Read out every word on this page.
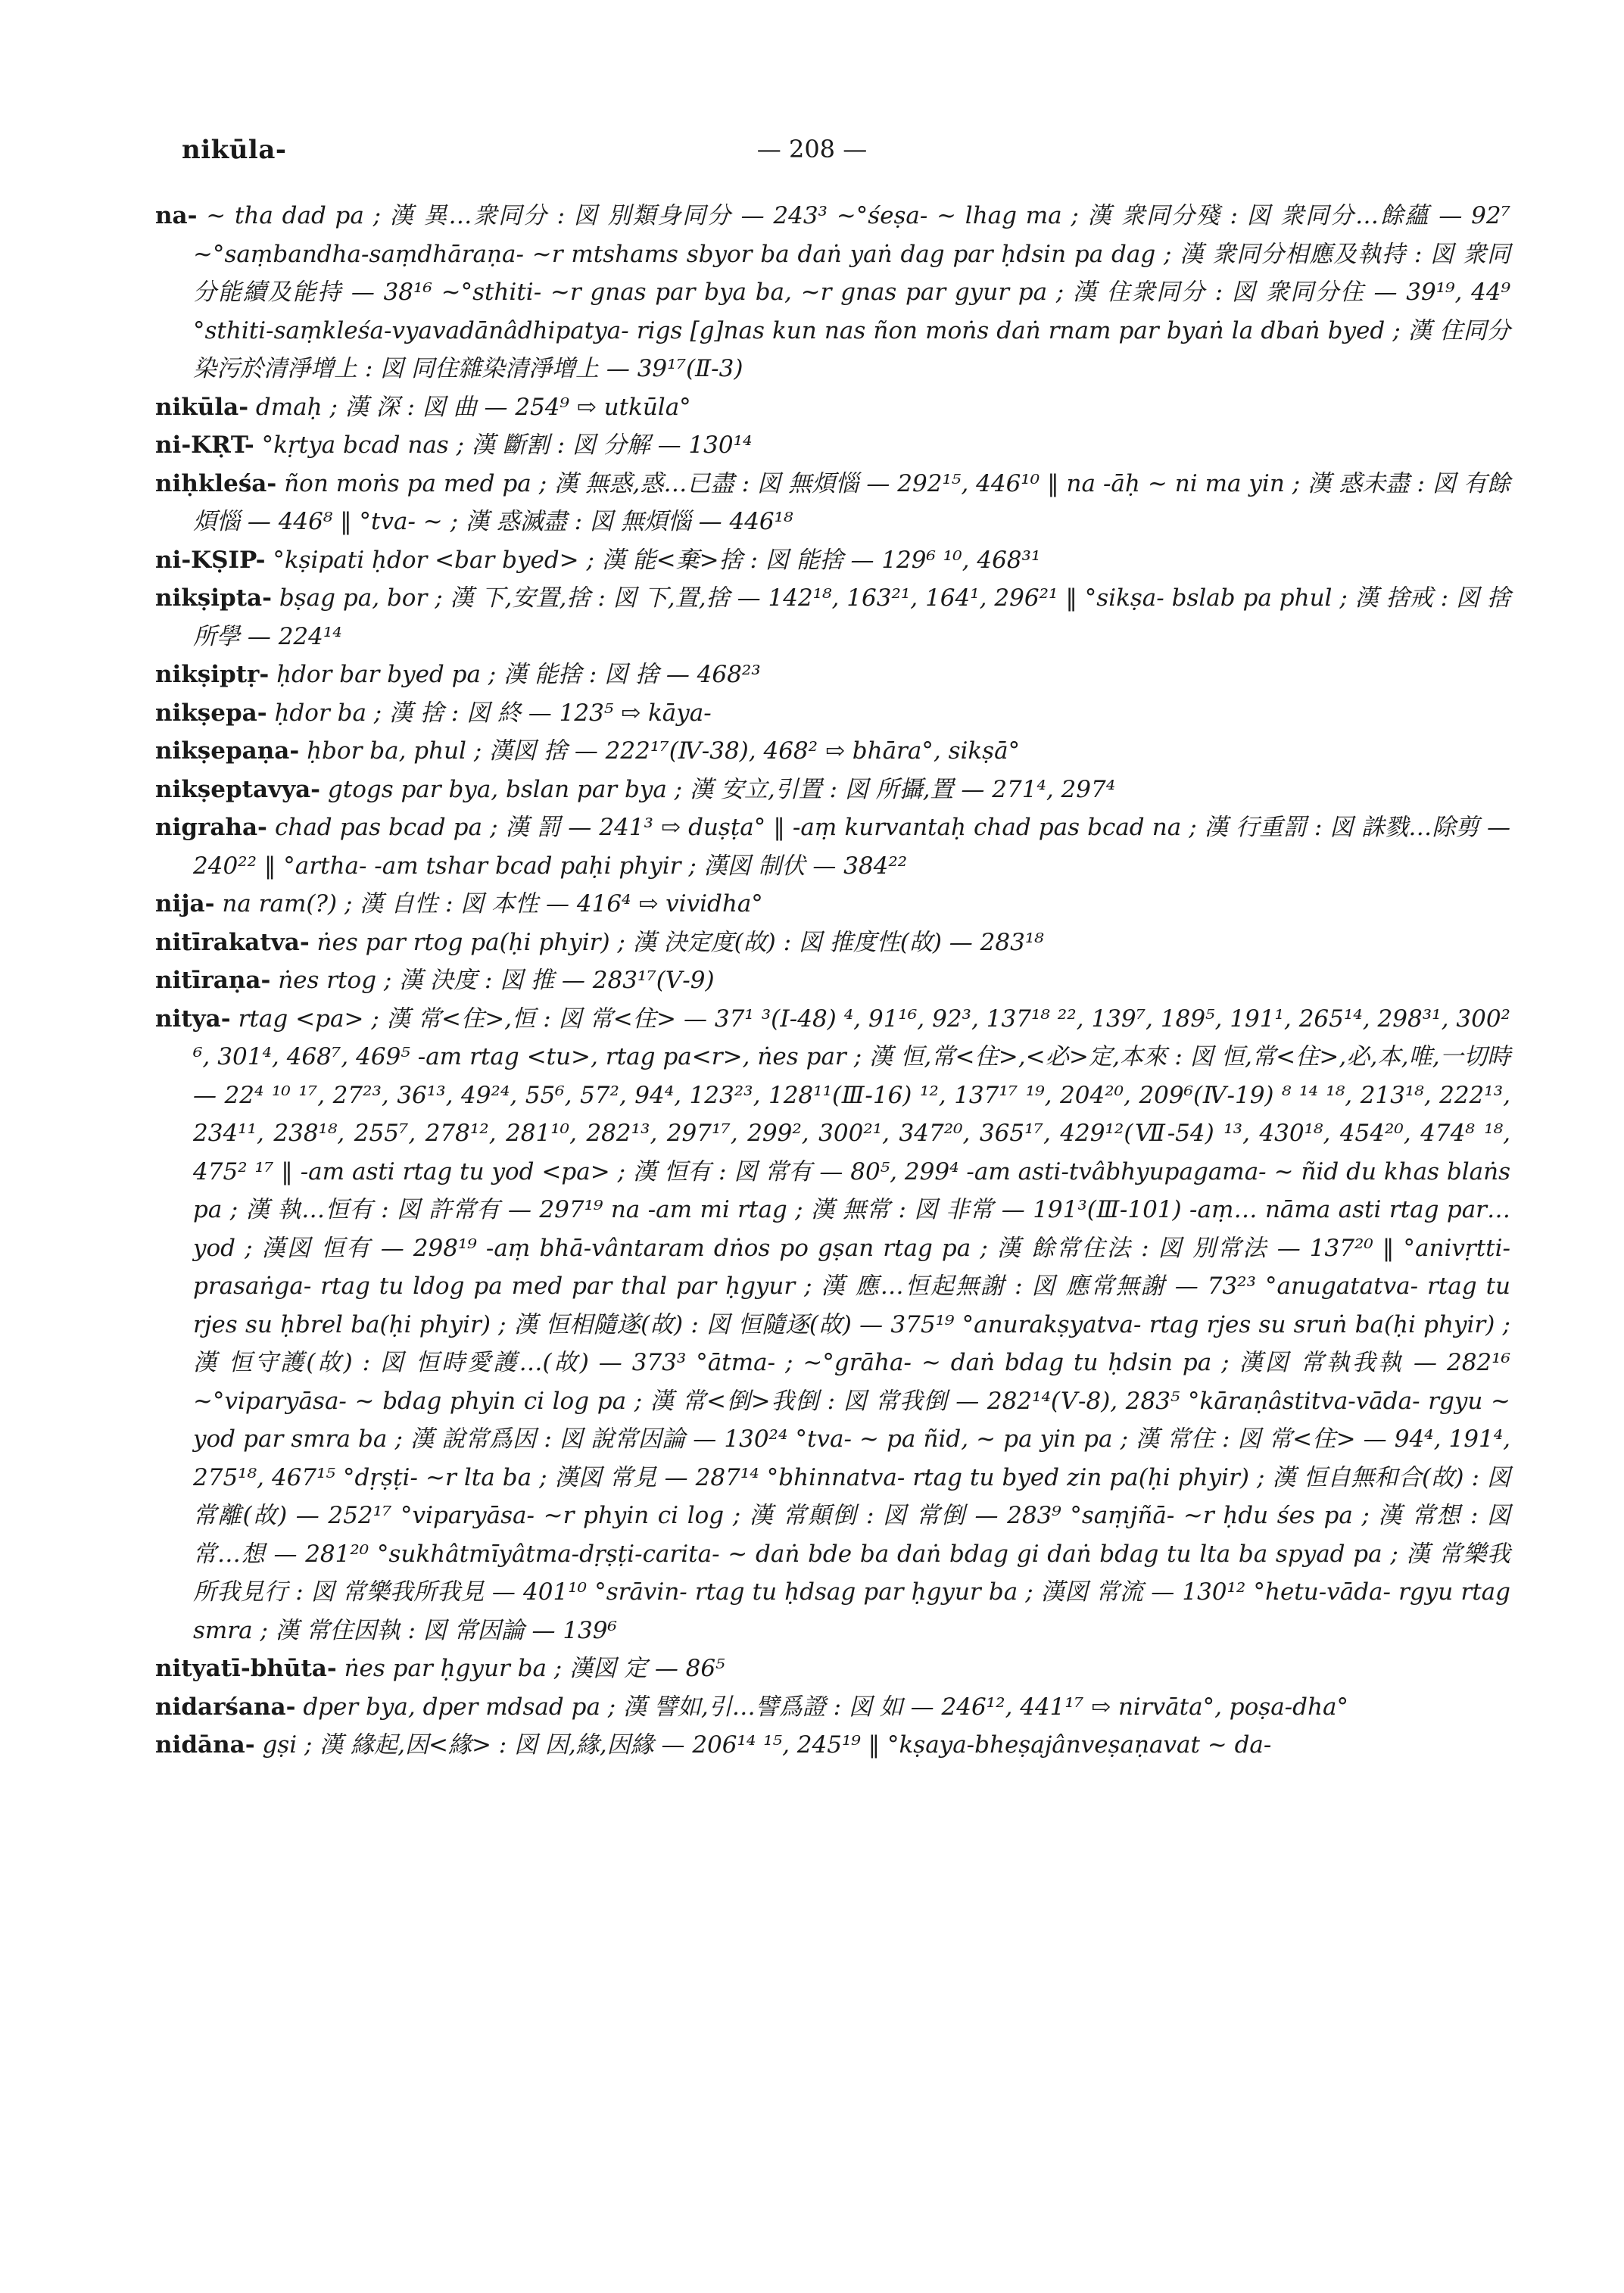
nikūla-	— 208 —

na- ~ tha dad pa ; 漢 異…衆同分 : 図 別類身同分 — 243³ ~°śeṣa- ~ lhag ma ; 漢 衆同分殘 : 図 衆同分…餘蘊 — 92⁷ ~°saṃbandha-saṃdhāraṇa- ~r mtshams sbyor ba daṅ yaṅ dag par ḥdsin pa dag ; 漢 衆同分相應及執持 : 図 衆同分能續及能持 — 38¹⁶ ~°sthiti- ~r gnas par bya ba, ~r gnas par gyur pa ; 漢 住衆同分 : 図 衆同分住 — 39¹⁹, 44⁹ °sthiti-saṃkleśa-vyavadānâdhipatya- rigs [g]nas kun nas ñon moṅs daṅ rnam par byaṅ la dbaṅ byed ; 漢 住同分染污於清淨增上 : 図 同住雜染清淨增上 — 39¹⁷(Ⅱ-3)

nikūla- dmaḥ ; 漢 深 : 図 曲 — 254⁹ ⇨ utkūla°

ni-KṚT- °kṛtya bcad nas ; 漢 斷割 : 図 分解 — 130¹⁴

niḥkleśa- ñon moṅs pa med pa ; 漢 無惑,惑…已盡 : 図 無煩惱 — 292¹⁵, 446¹⁰ ‖ na -āḥ ~ ni ma yin ; 漢 惑未盡 : 図 有餘煩惱 — 446⁸ ‖ °tva- ~ ; 漢 惑滅盡 : 図 無煩惱 — 446¹⁸

ni-KṢIP- °kṣipati ḥdor <bar byed> ; 漢 能<棄>捨 : 図 能捨 — 129⁶ ¹⁰, 468³¹

nikṣipta- bṣag pa, bor ; 漢 下,安置,捨 : 図 下,置,捨 — 142¹⁸, 163²¹, 164¹, 296²¹ ‖ °sikṣa- bslab pa phul ; 漢 捨戒 : 図 捨所學 — 224¹⁴

nikṣiptṛ- ḥdor bar byed pa ; 漢 能捨 : 図 捨 — 468²³

nikṣepa- ḥdor ba ; 漢 捨 : 図 終 — 123⁵ ⇨ kāya-

nikṣepaṇa- ḥbor ba, phul ; 漢図 捨 — 222¹⁷(Ⅳ-38), 468² ⇨ bhāra°, sikṣā°

nikṣeptavya- gtogs par bya, bslan par bya ; 漢 安立,引置 : 図 所攝,置 — 271⁴, 297⁴

nigraha- chad pas bcad pa ; 漢 罰 — 241³ ⇨ duṣṭa° ‖ -aṃ kurvantaḥ chad pas bcad na ; 漢 行重罰 : 図 誅戮…除剪 — 240²² ‖ °artha- -am tshar bcad paḥi phyir ; 漢図 制伏 — 384²²

nija- na ram(?) ; 漢 自性 : 図 本性 — 416⁴ ⇨ vividha°

nitīrakatva- ṅes par rtog pa(ḥi phyir) ; 漢 決定度(故) : 図 推度性(故) — 283¹⁸

nitīraṇa- ṅes rtog ; 漢 決度 : 図 推 — 283¹⁷(Ⅴ-9)

nitya- rtag <pa> ; 漢 常<住>,恒 : 図 常<住> — 37¹ ³(Ⅰ-48) ⁴, 91¹⁶, 92³, 137¹⁸ ²², 139⁷, 189⁵, 191¹, 265¹⁴, 298³¹, 300² ⁶, 301⁴, 468⁷, 469⁵ -am rtag <tu>, rtag pa<r>, ṅes par ; 漢 恒,常<住>,<必>定,本來 : 図 恒,常<住>,必,本,唯,一切時 — 22⁴ ¹⁰ ¹⁷, 27²³, 36¹³, 49²⁴, 55⁶, 57², 94⁴, 123²³, 128¹¹(Ⅲ-16) ¹², 137¹⁷ ¹⁹, 204²⁰, 209⁶(Ⅳ-19) ⁸ ¹⁴ ¹⁸, 213¹⁸, 222¹³, 234¹¹, 238¹⁸, 255⁷, 278¹², 281¹⁰, 282¹³, 297¹⁷, 299², 300²¹, 347²⁰, 365¹⁷, 429¹²(Ⅶ-54) ¹³, 430¹⁸, 454²⁰, 474⁸ ¹⁸, 475² ¹⁷ ‖ -am asti rtag tu yod <pa> ; 漢 恒有 : 図 常有 — 80⁵, 299⁴ -am asti-tvâbhyupagama- ~ ñid du khas blaṅs pa ; 漢 執…恒有 : 図 許常有 — 297¹⁹ na -am mi rtag ; 漢 無常 : 図 非常 — 191³(Ⅲ-101) -aṃ… nāma asti rtag par… yod ; 漢図 恒有 — 298¹⁹ -aṃ bhā-vântaram dṅos po gṣan rtag pa ; 漢 餘常住法 : 図 別常法 — 137²⁰ ‖ °anivṛtti-prasaṅga- rtag tu ldog pa med par thal par ḥgyur ; 漢 應…恒起無謝 : 図 應常無謝 — 73²³ °anugatatva- rtag tu rjes su ḥbrel ba(ḥi phyir) ; 漢 恒相隨遂(故) : 図 恒隨逐(故) — 375¹⁹ °anurakṣyatva- rtag rjes su sruṅ ba(ḥi phyir) ; 漢 恒守護(故) : 図 恒時愛護…(故) — 373³ °ātma- ; ~°grāha- ~ daṅ bdag tu ḥdsin pa ; 漢図 常執我執 — 282¹⁶ ~°viparyāsa- ~ bdag phyin ci log pa ; 漢 常<倒>我倒 : 図 常我倒 — 282¹⁴(Ⅴ-8), 283⁵ °kāraṇâstitva-vāda- rgyu ~ yod par smra ba ; 漢 說常爲因 : 図 說常因論 — 130²⁴ °tva- ~ pa ñid, ~ pa yin pa ; 漢 常住 : 図 常<住> — 94⁴, 191⁴, 275¹⁸, 467¹⁵ °dṛṣṭi- ~r lta ba ; 漢図 常見 — 287¹⁴ °bhinnatva- rtag tu byed zin pa(ḥi phyir) ; 漢 恒自無和合(故) : 図 常離(故) — 252¹⁷ °viparyāsa- ~r phyin ci log ; 漢 常顛倒 : 図 常倒 — 283⁹ °saṃjñā- ~r ḥdu śes pa ; 漢 常想 : 図 常…想 — 281²⁰ °sukhâtmīyâtma-dṛṣṭi-carita- ~ daṅ bde ba daṅ bdag gi daṅ bdag tu lta ba spyad pa ; 漢 常樂我所我見行 : 図 常樂我所我見 — 401¹⁰ °srāvin- rtag tu ḥdsag par ḥgyur ba ; 漢図 常流 — 130¹² °hetu-vāda- rgyu rtag smra ; 漢 常住因執 : 図 常因論 — 139⁶

nityatī-bhūta- ṅes par ḥgyur ba ; 漢図 定 — 86⁵

nidarśana- dper bya, dper mdsad pa ; 漢 譬如,引…譬爲證 : 図 如 — 246¹², 441¹⁷ ⇨ nirvāta°, poṣa-dha°

nidāna- gṣi ; 漢 緣起,因<緣> : 図 因,緣,因緣 — 206¹⁴ ¹⁵, 245¹⁹ ‖ °kṣaya-bheṣajânveṣaṇavat ~ da-
